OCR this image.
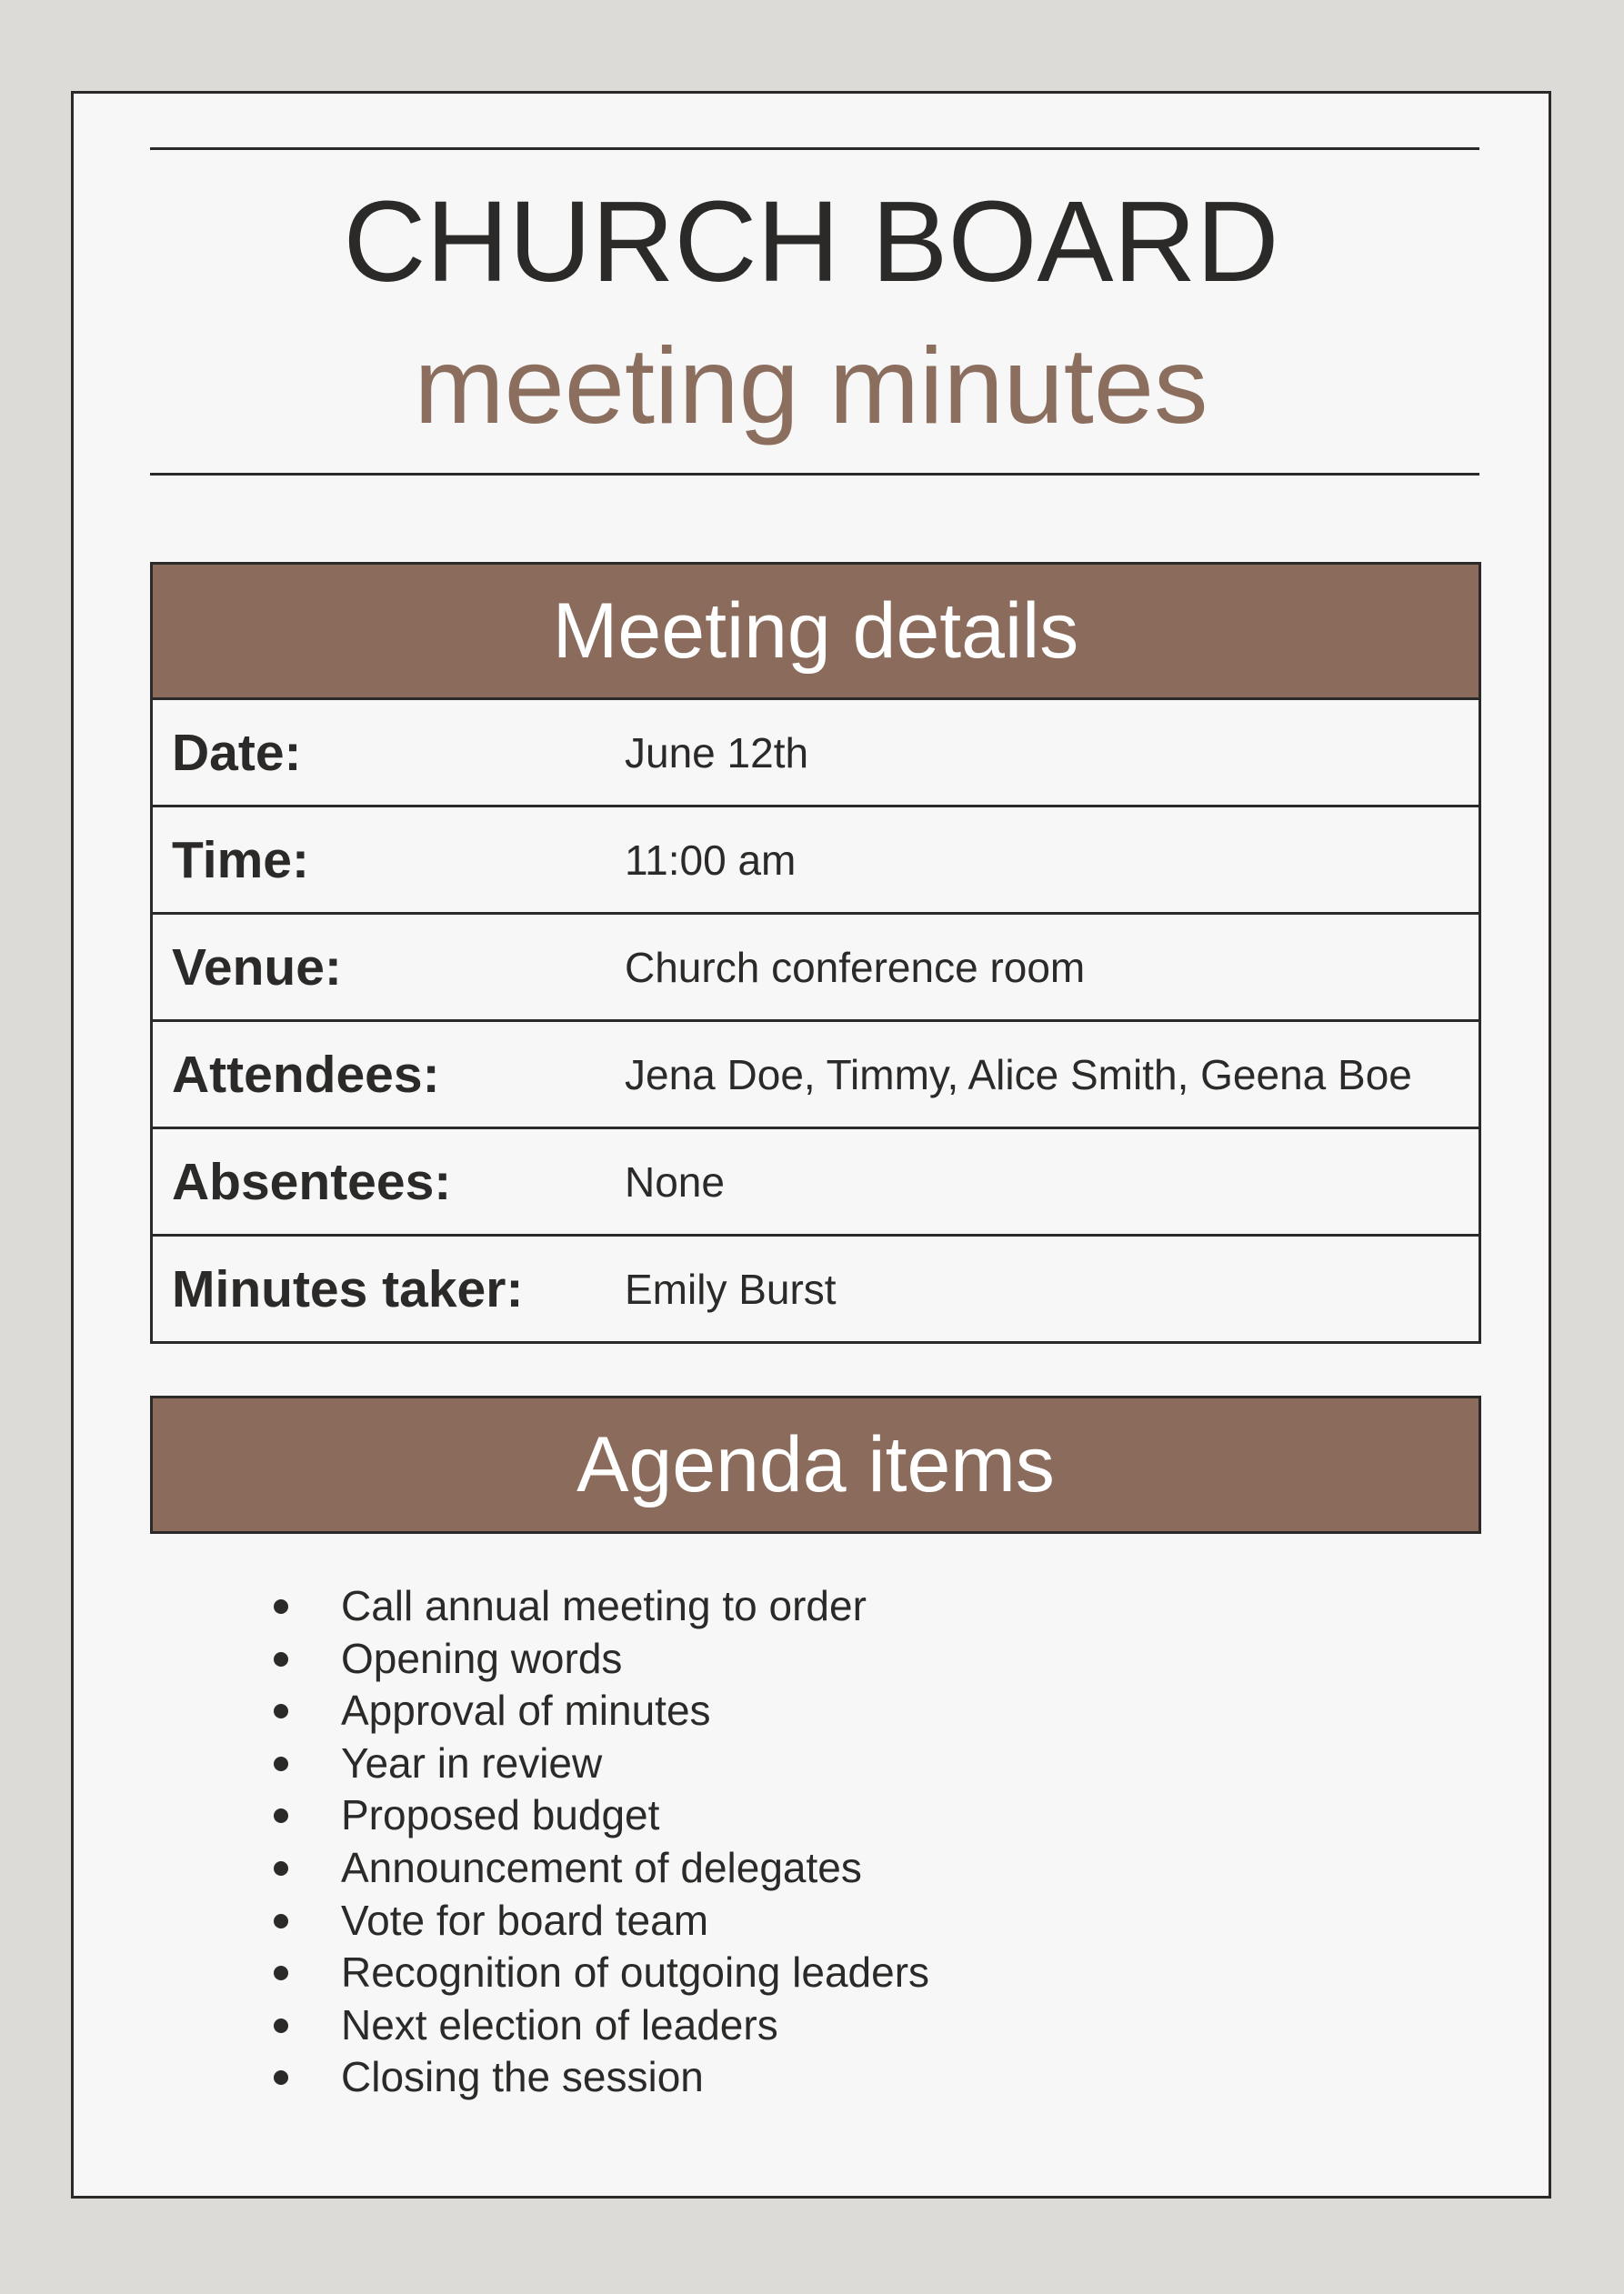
CHURCH BOARD
meeting minutes
Meeting details
Date:	June 12th
Time:	11:00 am
Venue:	Church conference room
Attendees:	Jena Doe, Timmy, Alice Smith, Geena Boe
Absentees:	None
Minutes taker:	Emily Burst
Agenda items
Call annual meeting to order
Opening words
Approval of minutes
Year in review
Proposed budget
Announcement of delegates
Vote for board team
Recognition of outgoing leaders
Next election of leaders
Closing the session
